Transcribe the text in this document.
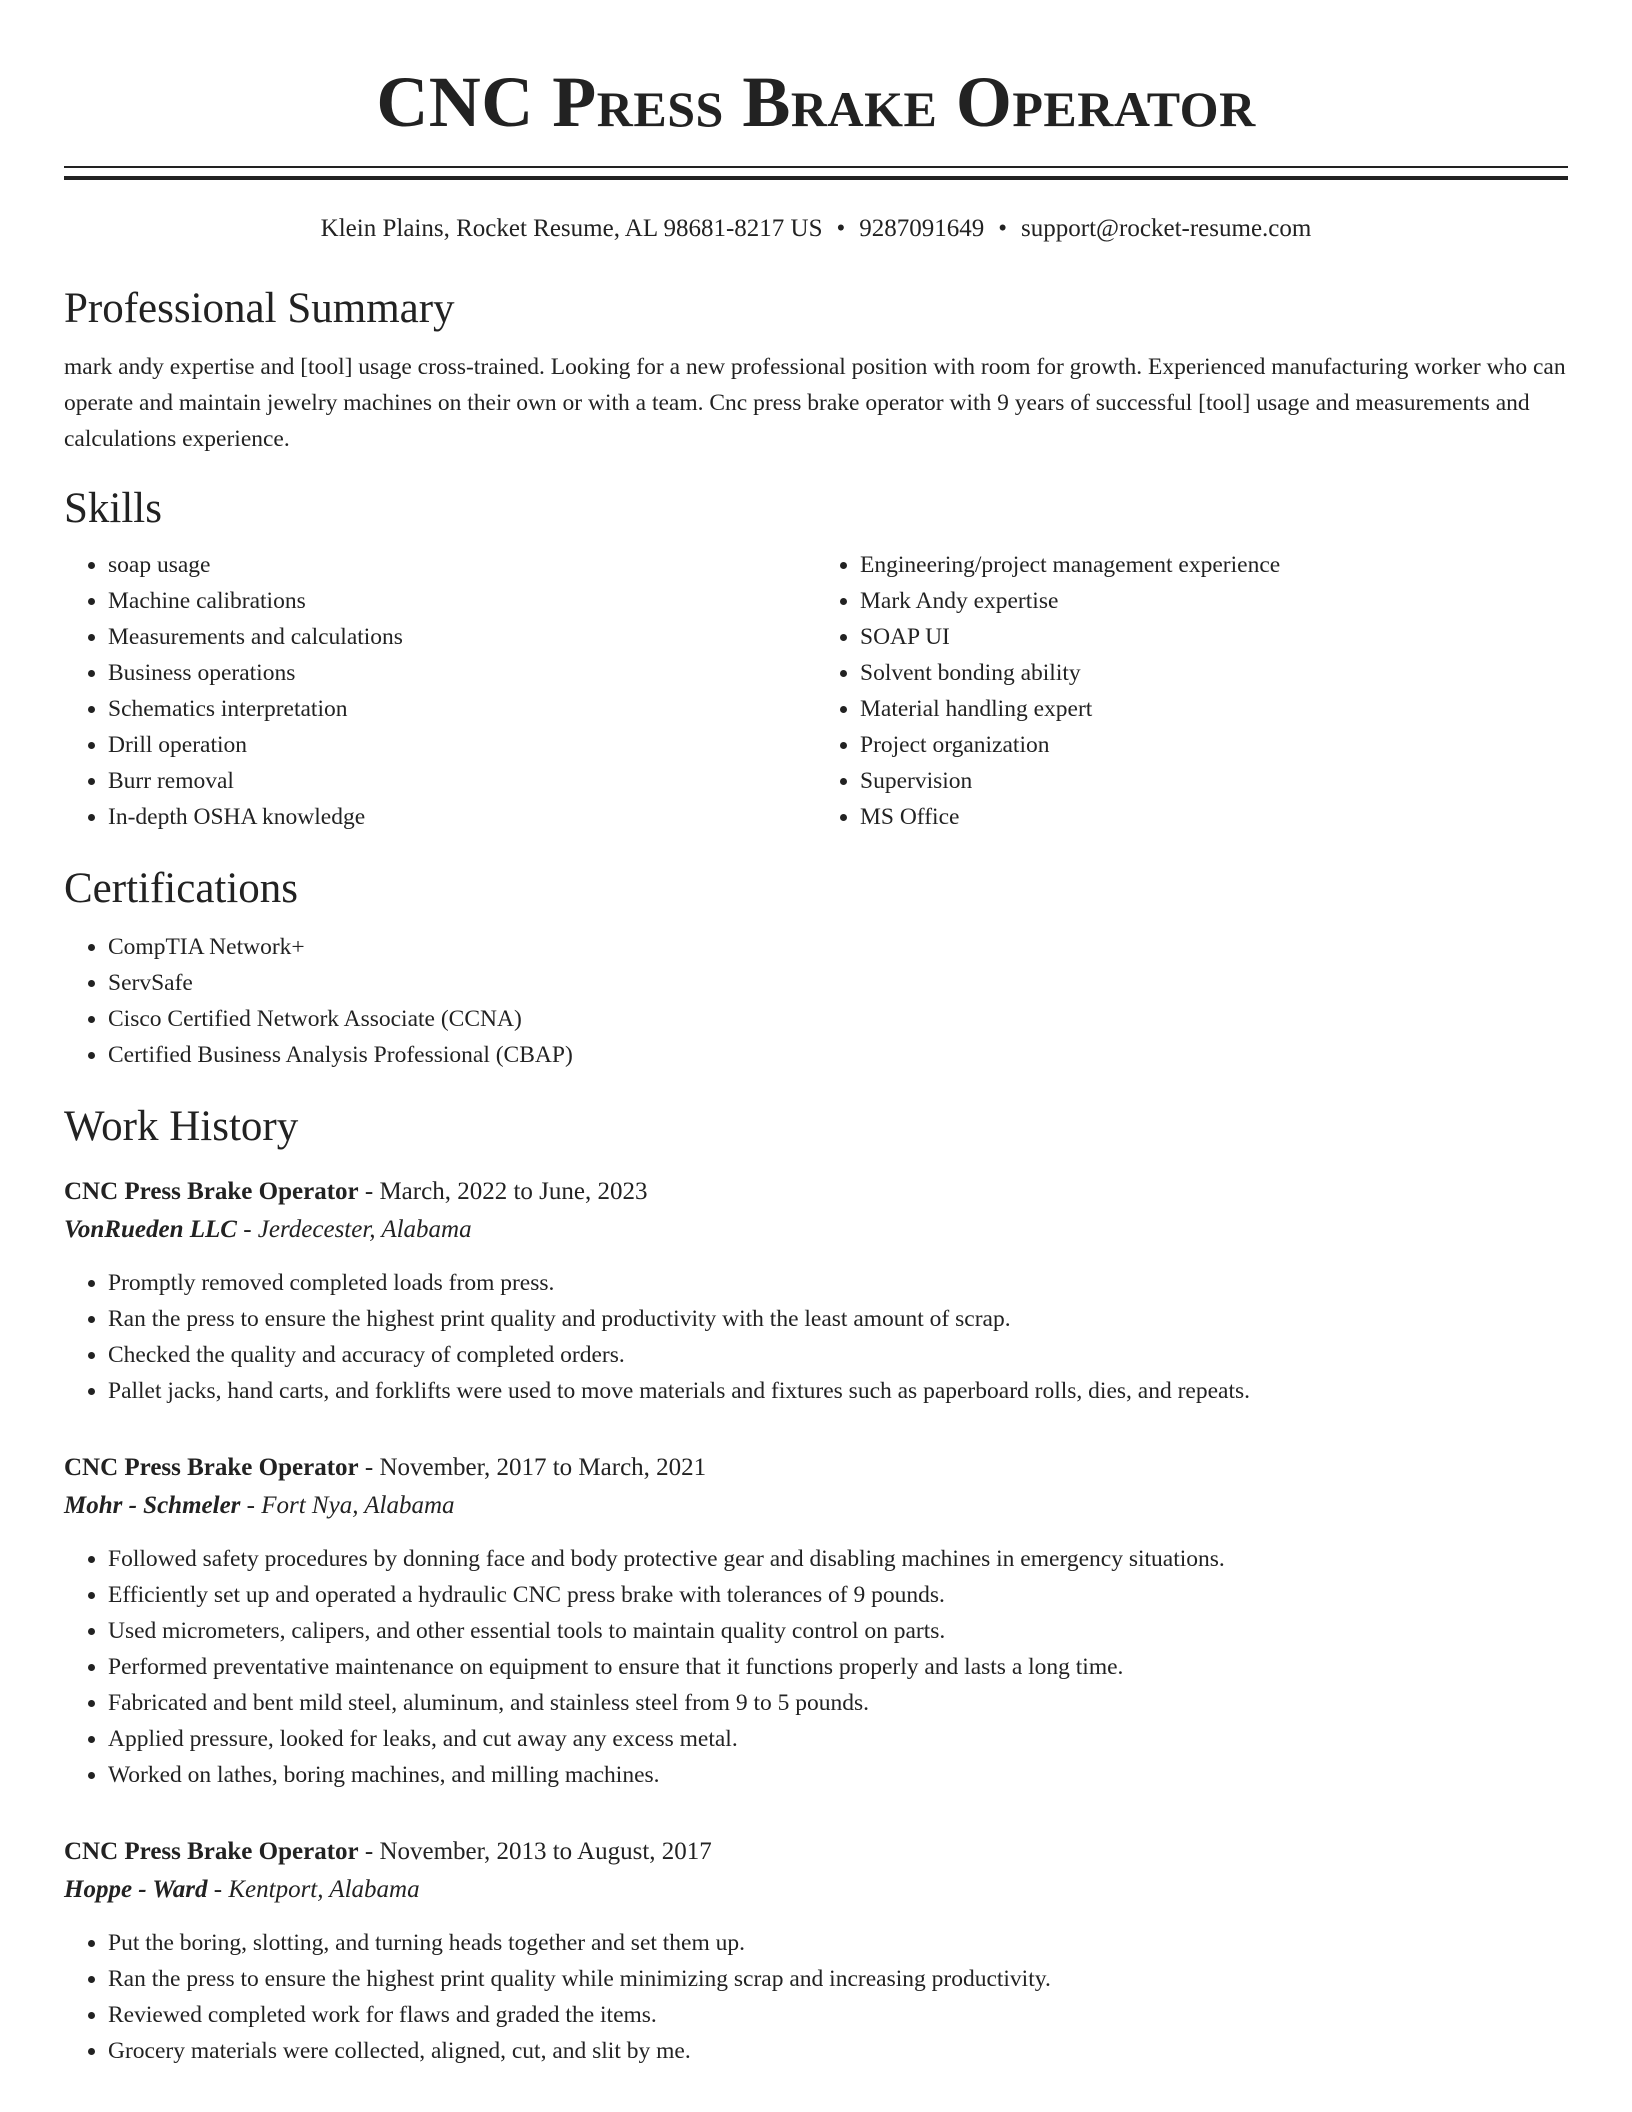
CNC Press Brake Operator
Klein Plains, Rocket Resume, AL 98681-8217 US • 9287091649 • support@rocket-resume.com
Professional Summary
mark andy expertise and [tool] usage cross-trained. Looking for a new professional position with room for growth. Experienced manufacturing worker who can operate and maintain jewelry machines on their own or with a team. Cnc press brake operator with 9 years of successful [tool] usage and measurements and calculations experience.
Skills
• soap usage
• Machine calibrations
• Measurements and calculations
• Business operations
• Schematics interpretation
• Drill operation
• Burr removal
• In-depth OSHA knowledge
• Engineering/project management experience
• Mark Andy expertise
• SOAP UI
• Solvent bonding ability
• Material handling expert
• Project organization
• Supervision
• MS Office
Certifications
• CompTIA Network+
• ServSafe
• Cisco Certified Network Associate (CCNA)
• Certified Business Analysis Professional (CBAP)
Work History
CNC Press Brake Operator - March, 2022 to June, 2023
VonRueden LLC - Jerdecester, Alabama
• Promptly removed completed loads from press.
• Ran the press to ensure the highest print quality and productivity with the least amount of scrap.
• Checked the quality and accuracy of completed orders.
• Pallet jacks, hand carts, and forklifts were used to move materials and fixtures such as paperboard rolls, dies, and repeats.
CNC Press Brake Operator - November, 2017 to March, 2021
Mohr - Schmeler - Fort Nya, Alabama
• Followed safety procedures by donning face and body protective gear and disabling machines in emergency situations.
• Efficiently set up and operated a hydraulic CNC press brake with tolerances of 9 pounds.
• Used micrometers, calipers, and other essential tools to maintain quality control on parts.
• Performed preventative maintenance on equipment to ensure that it functions properly and lasts a long time.
• Fabricated and bent mild steel, aluminum, and stainless steel from 9 to 5 pounds.
• Applied pressure, looked for leaks, and cut away any excess metal.
• Worked on lathes, boring machines, and milling machines.
CNC Press Brake Operator - November, 2013 to August, 2017
Hoppe - Ward - Kentport, Alabama
• Put the boring, slotting, and turning heads together and set them up.
• Ran the press to ensure the highest print quality while minimizing scrap and increasing productivity.
• Reviewed completed work for flaws and graded the items.
• Grocery materials were collected, aligned, cut, and slit by me.
